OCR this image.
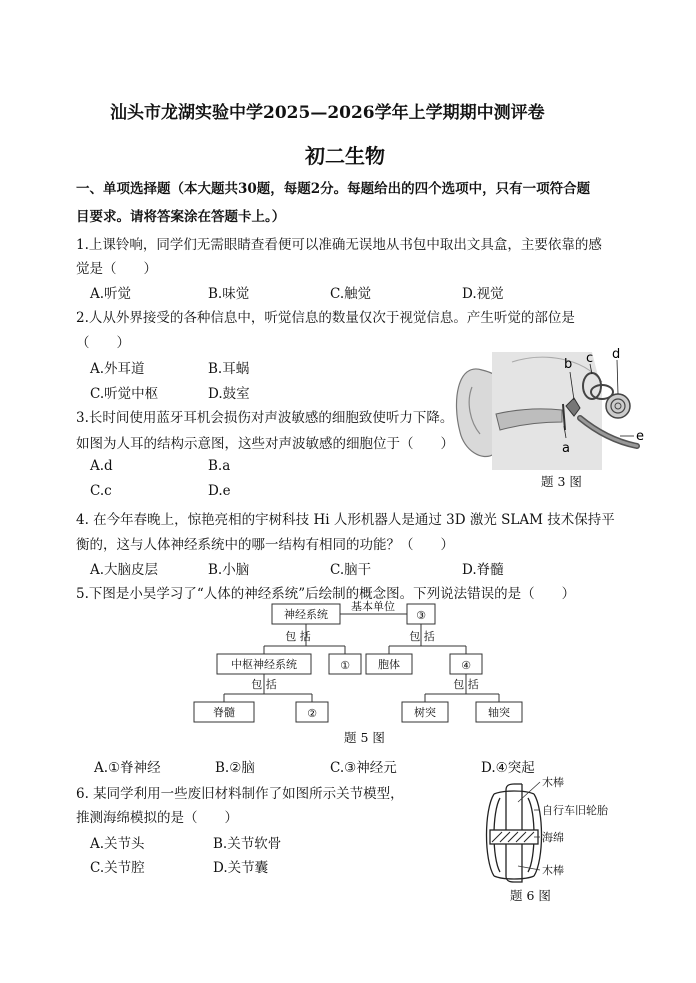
汕头市龙湖实验中学2025—2026学年上学期期中测评卷
初二生物
一、单项选择题（本大题共30题，每题2分。每题给出的四个选项中，只有一项符合题
目要求。请将答案涂在答题卡上。）
1.上课铃响，同学们无需眼睛查看便可以准确无误地从书包中取出文具盒，主要依靠的感
觉是（　　）
A.听觉	B.味觉	C.触觉	D.视觉
2.人从外界接受的各种信息中，听觉信息的数量仅次于视觉信息。产生听觉的部位是
（　　）
A.外耳道	B.耳蜗
C.听觉中枢	D.鼓室
3.长时间使用蓝牙耳机会损伤对声波敏感的细胞致使听力下降。
如图为人耳的结构示意图，这些对声波敏感的细胞位于（　　）
A.d	B.a
C.c	D.e
b c d
a
e
题 3 图
4. 在今年春晚上，惊艳亮相的宇树科技 Hi 人形机器人是通过 3D 激光 SLAM 技术保持平
衡的，这与人体神经系统中的哪一结构有相同的功能？（　　）
A.大脑皮层	B.小脑	C.脑干	D.脊髓
5.下图是小昊学习了“人体的神经系统”后绘制的概念图。下列说法错误的是（　　）
神经系统
基本单位
③
包 括	包 括
中枢神经系统	①	胞体	④
包 括	包 括
脊髓	②	树突	轴突
题 5 图
A.①脊神经	B.②脑	C.③神经元	D.④突起
6. 某同学利用一些废旧材料制作了如图所示关节模型，
推测海绵模拟的是（　　）
A.关节头	B.关节软骨
C.关节腔	D.关节囊
木棒
自行车旧轮胎
海绵
木棒
题 6 图
